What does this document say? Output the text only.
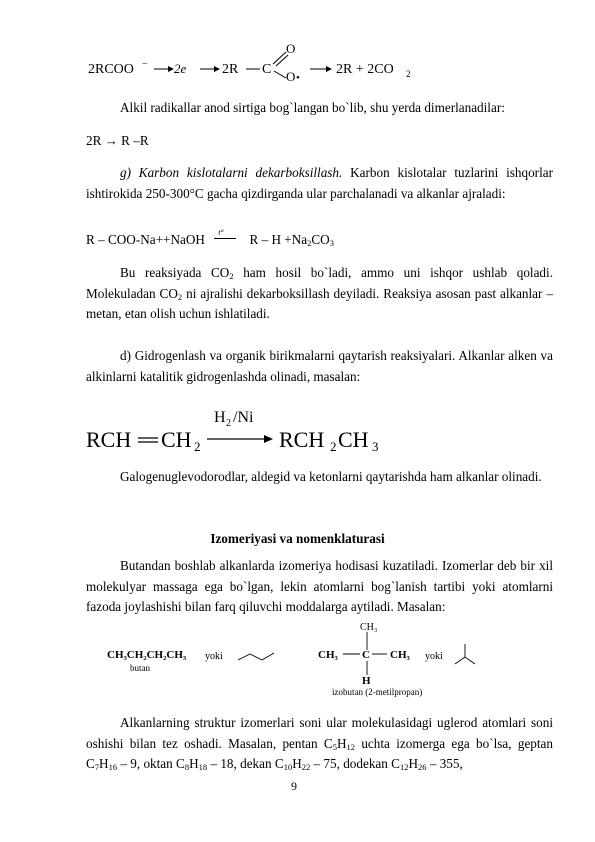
2RCOO − 2e	2R C
O
O •
2R + 2CO 2
Alkil radikallar anod sirtiga bog`langan bo`lib, shu yerda dimerlanadilar:
2R → R –R
g) Karbon kislotalarni dekarboksillash. Karbon kislotalar tuzlarini ishqorlar ishtirokida 250-300°C gacha qizdirganda ular parchalanadi va alkanlar ajraladi:
R – COO-Na++NaOH t° $R - H +Na_2CO_3$
Bu reaksiyada $CO_2$ ham hosil bo`ladi, ammo uni ishqor ushlab qoladi. Molekuladan $CO_2$ ni ajralishi dekarboksillash deyiladi. Reaksiya asosan past alkanlar – metan, etan olish uchun ishlatiladi.
d) Gidrogenlash va organik birikmalarni qaytarish reaksiyalari. Alkanlar alken va alkinlarni katalitik gidrogenlashda olinadi, masalan:
RCH CH 2
H 2 /Ni
RCH 2 CH 3
Galogenuglevodorodlar, aldegid va ketonlarni qaytarishda ham alkanlar olinadi.
Izomeriyasi va nomenklaturasi
Butandan boshlab alkanlarda izomeriya hodisasi kuzatiladi. Izomerlar deb bir xil molekulyar massaga ega bo`lgan, lekin atomlarni bog`lanish tartibi yoki atomlarni fazoda joylashishi bilan farq qiluvchi moddalarga aytiladi. Masalan:
CH₃CH₂CH₂CH₃
butan
yoki
CH₃
CH₃ C CH₃
H
yoki
izobutan (2-metilpropan)
Alkanlarning struktur izomerlari soni ular molekulasidagi uglerod atomlari soni oshishi bilan tez oshadi. Masalan, pentan $C_5H_{12}$ uchta izomerga ega bo`lsa, geptan $C_7H_{16} - 9$, oktan $C_8H_{18} - 18$, dekan $C_{10}H_{22} - 75$, dodekan $C_{12}H_{26} - 355$,
9
